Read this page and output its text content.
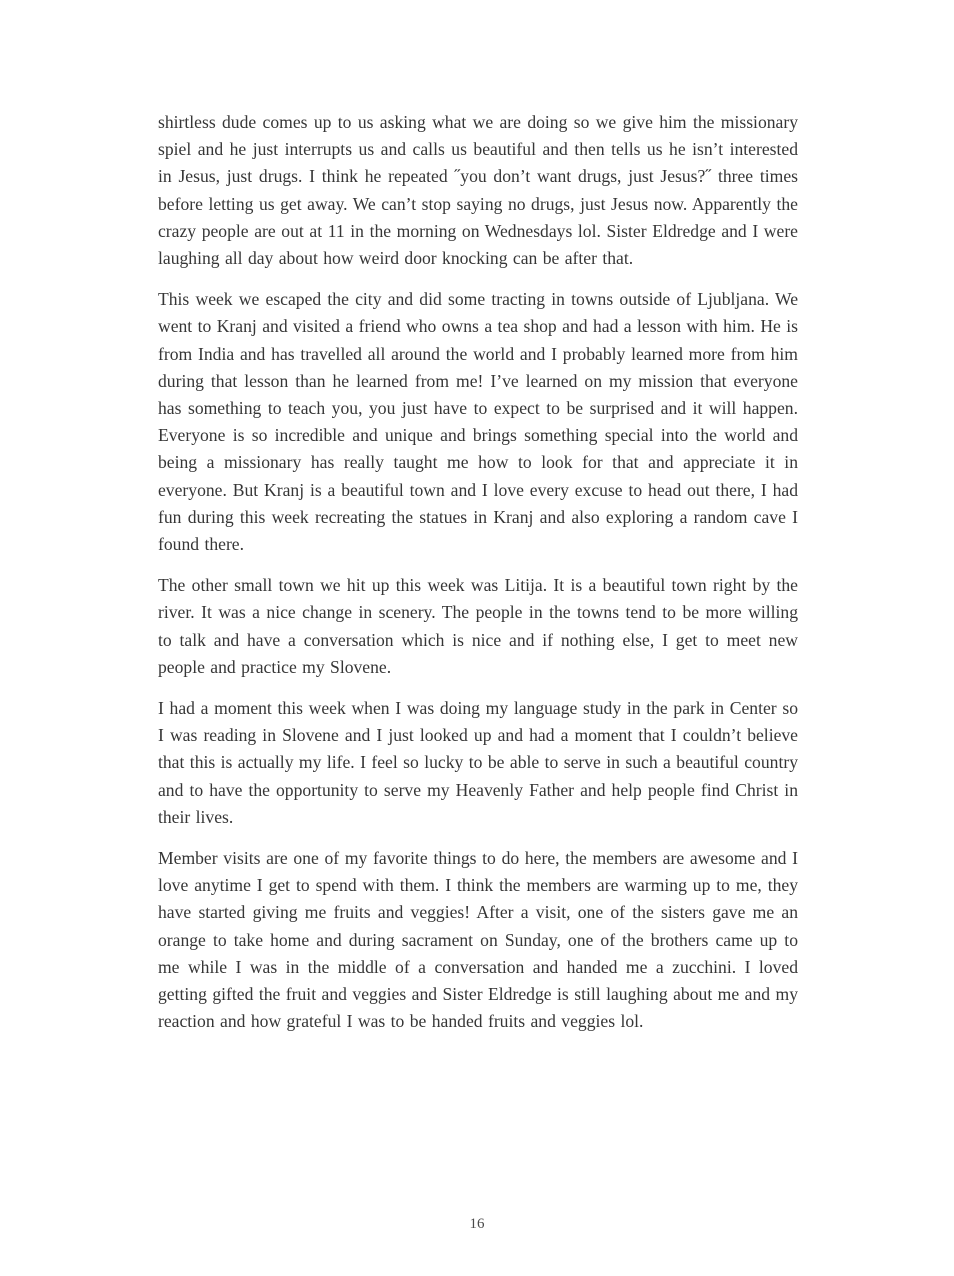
shirtless dude comes up to us asking what we are doing so we give him the missionary spiel and he just interrupts us and calls us beautiful and then tells us he isn’t interested in Jesus, just drugs. I think he repeated ˝you don’t want drugs, just Jesus?˝ three times before letting us get away. We can’t stop saying no drugs, just Jesus now. Apparently the crazy people are out at 11 in the morning on Wednesdays lol. Sister Eldredge and I were laughing all day about how weird door knocking can be after that.

This week we escaped the city and did some tracting in towns outside of Ljubljana. We went to Kranj and visited a friend who owns a tea shop and had a lesson with him. He is from India and has travelled all around the world and I probably learned more from him during that lesson than he learned from me! I’ve learned on my mission that everyone has something to teach you, you just have to expect to be surprised and it will happen. Everyone is so incredible and unique and brings something special into the world and being a missionary has really taught me how to look for that and appreciate it in everyone. But Kranj is a beautiful town and I love every excuse to head out there, I had fun during this week recreating the statues in Kranj and also exploring a random cave I found there.

The other small town we hit up this week was Litija. It is a beautiful town right by the river. It was a nice change in scenery. The people in the towns tend to be more willing to talk and have a conversation which is nice and if nothing else, I get to meet new people and practice my Slovene.

I had a moment this week when I was doing my language study in the park in Center so I was reading in Slovene and I just looked up and had a moment that I couldn’t believe that this is actually my life. I feel so lucky to be able to serve in such a beautiful country and to have the opportunity to serve my Heavenly Father and help people find Christ in their lives.

Member visits are one of my favorite things to do here, the members are awesome and I love anytime I get to spend with them. I think the members are warming up to me, they have started giving me fruits and veggies! After a visit, one of the sisters gave me an orange to take home and during sacrament on Sunday, one of the brothers came up to me while I was in the middle of a conversation and handed me a zucchini. I loved getting gifted the fruit and veggies and Sister Eldredge is still laughing about me and my reaction and how grateful I was to be handed fruits and veggies lol.

16
